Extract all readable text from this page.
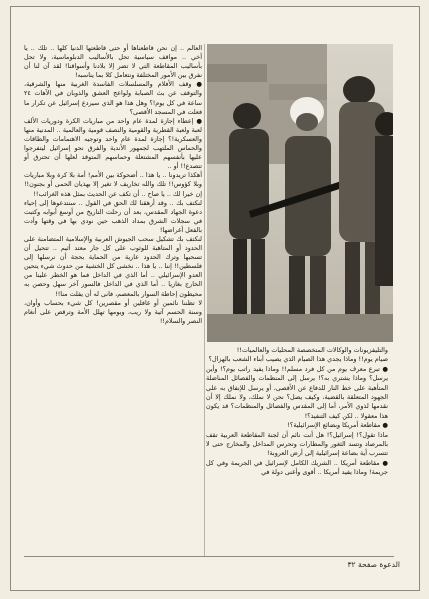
العالم .. إن نحن قاطعناها أو حتى قاطعتها الدنيا كلها .. تلك .. يا أخي .. مواقف سياسية تحل بالأساليب الدبلوماسية، ولا تحل بأساليب المقاطعة التي لا تضر إلا بلادنا وأسواقنا! لقد آن لنا أن نفرق بين الأمور المختلفة ونتعامل كلا بما يناسبه!

● وقف الأفلام والمسلسلات الفاسدة الغربية منها والشرقية، والتوقف عن بث الصبابة ولواعج العشق والذوبان في الآهات ٢٤ ساعة في كل يوم!؟ وهل هذا هو الذي سيردع إسرائيل عن تكرار ما فعلت في المسجد الأقصى؟

● إعطاء إجازة لمدة عام واحد من مباريات الكرة ودوريات الألف لعبة ولعبة القطرية والقومية والنصف قومية والعالمية .. المدنية منها والعسكرية!؟ إجازة لمدة عام واحد وتوجيه الاهتمامات والطاقات والحماس الملتهب لجمهور الأندية والفرق نحو إسرائيل ليتفرجوا عليها بأنفسهم المشتعلة وحماسهم المتوقد لعلها أن تحترق أو تتصدع!! أو ..

أهكذا تريدونا .. يا هذا .. أضحوكة بين الأمم! أمة بلا كرة وبلا مباريات وبلا كؤوس!! تلك والله تخاريف لا تغير إلا بهذيان الحمى أو بجنون!! إن خيرا لك .. يا صاح .. أن تكف عن الحديث بمثل هذه الغرائب!!

لنكتف بك .. وقد أرهقنا لك الحق في القول .. سنتدعوها إلى إحياء دعوة الجهاد المقدس، بعد أن رحلت التاريخ من أوسع أبوابه وكتبت في سجلات الشرق بمداد الذهب حين نودي بها في وقتها وأدت بالفعل أغراضها!

لنكتف بك تشكيل سحب الجيوش العربية والإسلامية المتضامنة على الحدود أو المتاهبة للوثوب على كل جار معتد أثيم .. تتحيل أن تسحبها وترك الحدود عارية من الحماية بحجة أن نرسلها إلى فلسطين!! إننا .. يا هذا .. نخشى كل الخشية من حدوث شيء يتحين العدو الإسرائيلي .. أما الذي في الداخل فما هو الخطر علينا من الخارج بغازيا .. أما الذي في الداخل فالسور آخر سهل وحصن به محيطون إحاطة السوار بالمعصم، فانى له أن يفلت منا!!

لا تظننا نائمين أو غافلين أو مقصرين! كل شيء بحساب وأوان، وسنة الحسم آتية ولا ريب، ويومها تهلل الأمة وترقص على أنغام النصر والسلام!!

والتليفزيونات والوكالات المتخصصة المحليات والعالميات!!

صيام يوم!! وماذا يجدي هذا الصيام الذي يصيب أبناء الشعب بالهزال؟

● تبرع معرف يوم من كل فرد مسلم!! وماذا يفيد راتب يوم؟! وأين يرسل؟ وماذا يشتري به؟! يرسل إلى المنظمات والفصائل المناضلة المتأهبة على خط النار للدفاع عن الأقصى، أو يرسل للإنفاق به على الجهود المتعلقة بالقضية، وكيف يصل؟ نحن لا نملك، ولا نملك إلا أن نقدمها لذوي الأمر، أما إلى المقدس والفصائل والمنظمات؟ قد يكون هذا معقولا .. لكن كيف التنفيذ؟!

● مقاطعة أمريكا وبضائع الإسرائيلية؟!

ماذا تقول؟! إسرائيل؟! هل أنت نائم أن لجنة المقاطعة العربية تقف بالمرصاد وتسد الثغور والمطارات وتحرس المداخل والمخارج حتى لا تتسرب أية بضاعة إسرائيلية إلى أرض العروبة!

● مقاطعة أمريكا .. الشريك الكامل لإسرائيل في الجريمة وفي كل جريمة! وماذا يفيد أمريكا .. أقوى وأغنى دولة في

الدعوة صفحة ٣٢
